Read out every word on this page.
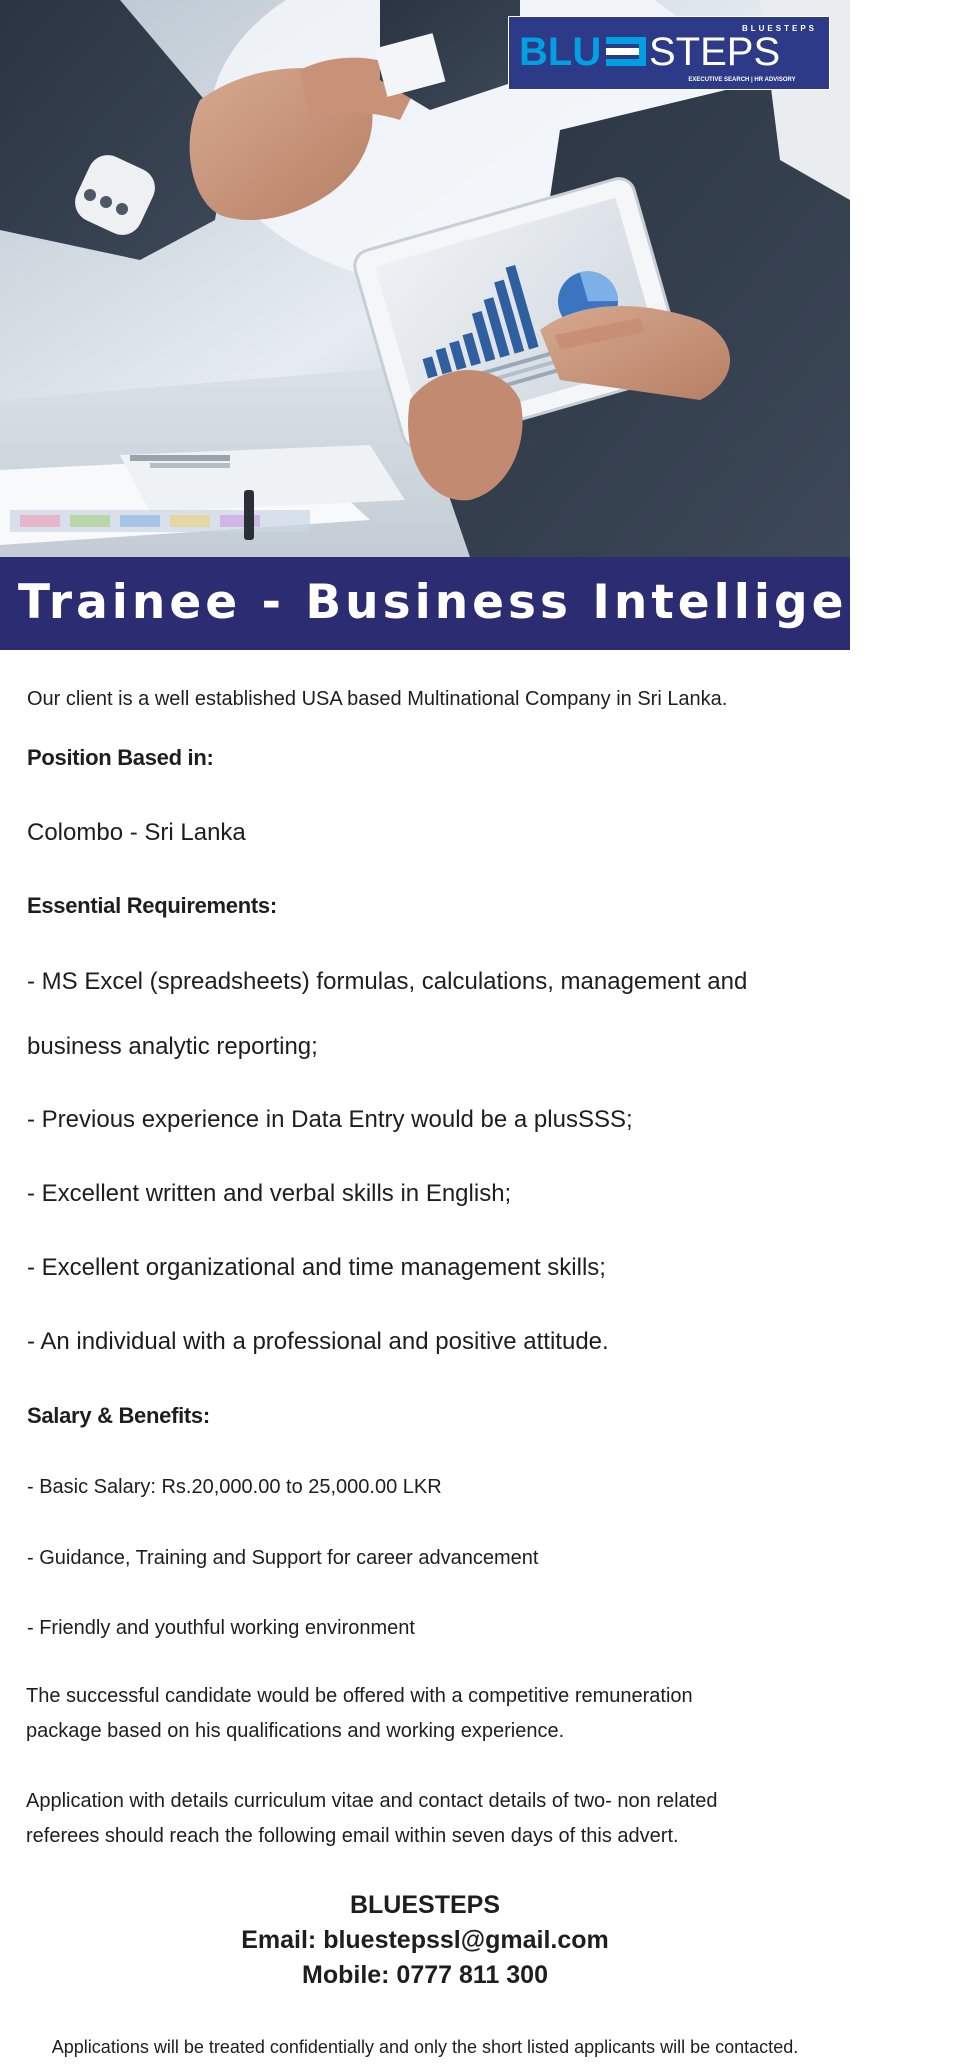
BLUESTEPS
BLU STEPS
EXECUTIVE SEARCH | HR ADVISORY
Trainee - Business Intelligence

Our client is a well established USA based Multinational Company in Sri Lanka.

Position Based in:

Colombo - Sri Lanka

Essential Requirements:

- MS Excel (spreadsheets) formulas, calculations, management and

business analytic reporting;

- Previous experience in Data Entry would be a plusSSS;

- Excellent written and verbal skills in English;

- Excellent organizational and time management skills;

- An individual with a professional and positive attitude.

Salary & Benefits:

- Basic Salary: Rs.20,000.00 to 25,000.00 LKR

- Guidance, Training and Support for career advancement

- Friendly and youthful working environment

The successful candidate would be offered with a competitive remuneration
package based on his qualifications and working experience.
Application with details curriculum vitae and contact details of two- non related
referees should reach the following email within seven days of this advert.
BLUESTEPS
Email: bluestepssl@gmail.com
Mobile: 0777 811 300
Applications will be treated confidentially and only the short listed applicants will be contacted.
